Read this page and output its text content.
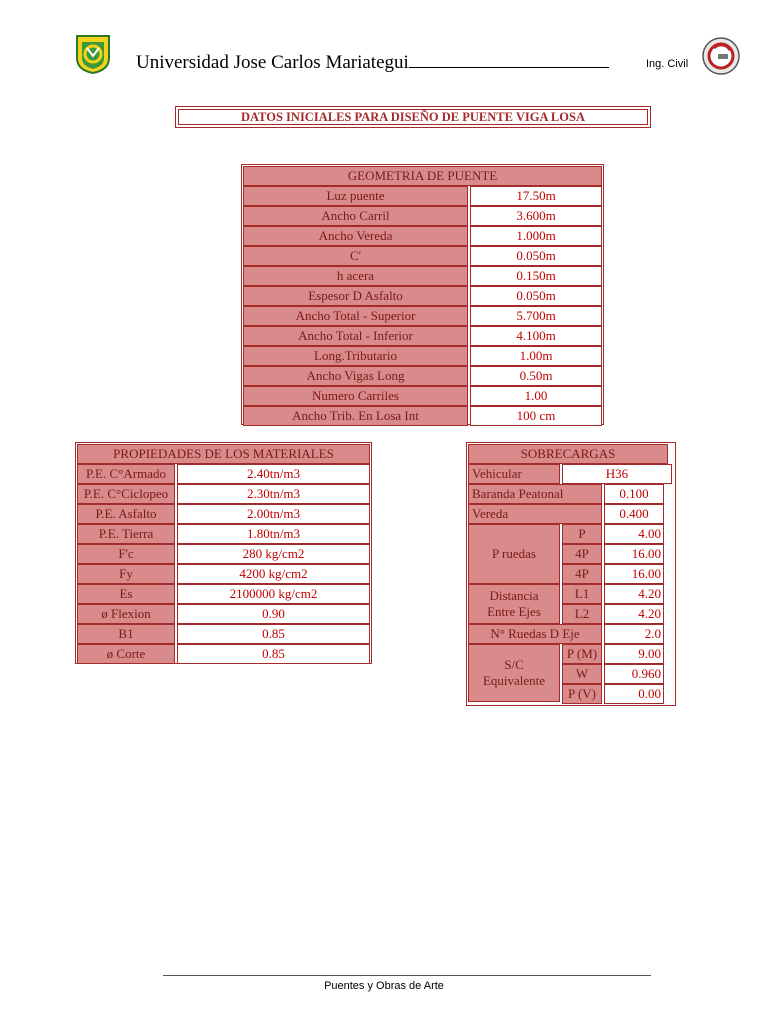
Universidad Jose Carlos Mariategui	Ing. Civil
DATOS INICIALES PARA DISEÑO DE PUENTE VIGA LOSA
GEOMETRIA DE PUENTE
Luz puente	17.50m
Ancho Carril	3.600m
Ancho Vereda	1.000m
C'	0.050m
h acera	0.150m
Espesor D Asfalto	0.050m
Ancho Total - Superior	5.700m
Ancho Total - Inferior	4.100m
Long.Tributario	1.00m
Ancho Vigas Long	0.50m
Numero Carriles	1.00
Ancho Trib. En Losa Int	100 cm
PROPIEDADES DE LOS MATERIALES
P.E. C°Armado	2.40tn/m3
P.E. C°Ciclopeo	2.30tn/m3
P.E. Asfalto	2.00tn/m3
P.E. Tierra	1.80tn/m3
F'c	280 kg/cm2
Fy	4200 kg/cm2
Es	2100000 kg/cm2
ø Flexion	0.90
B1	0.85
ø Corte	0.85
SOBRECARGAS
Vehicular	H36
Baranda Peatonal	0.100
Vereda	0.400
P ruedas
P	4.00
4P	16.00
4P	16.00
Distancia
Entre Ejes
L1	4.20
L2	4.20
N° Ruedas D Eje	2.0
S/C
Equivalente
P (M)	9.00
W	0.960
P (V)	0.00
Puentes y Obras de Arte
